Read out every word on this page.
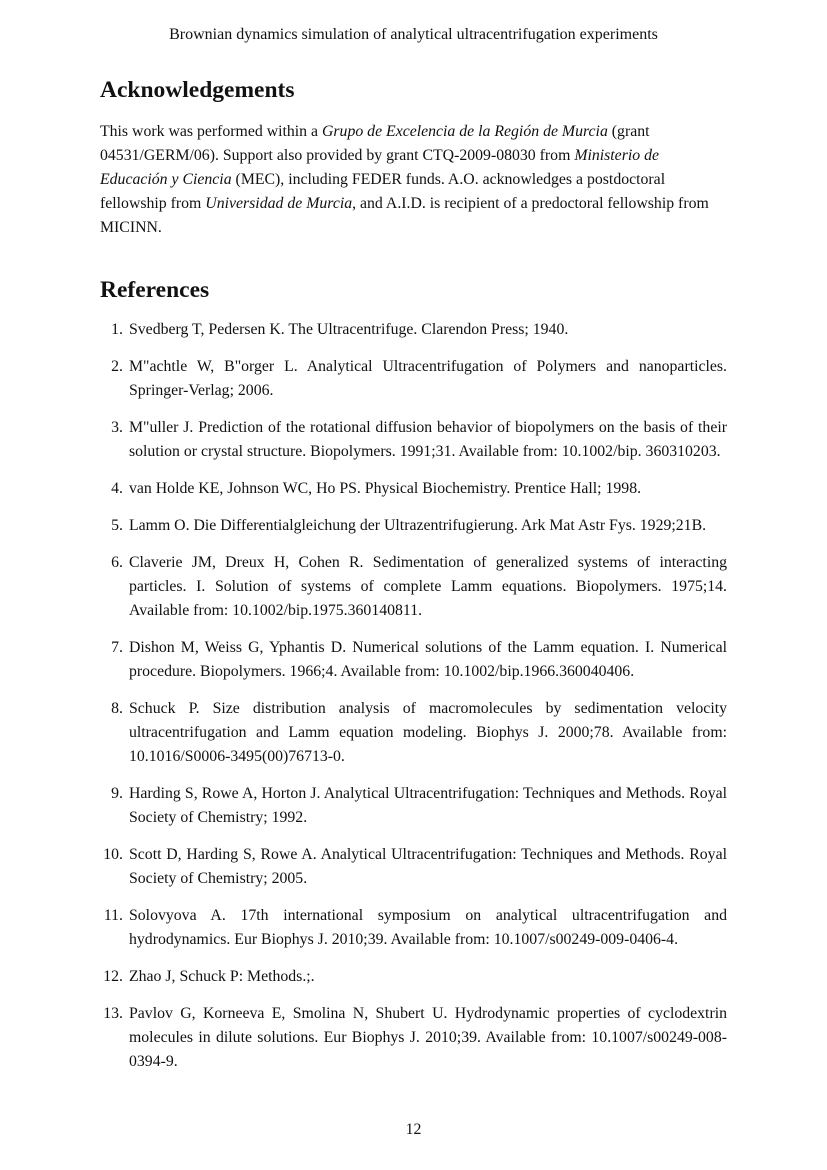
Brownian dynamics simulation of analytical ultracentrifugation experiments
Acknowledgements

This work was performed within a Grupo de Excelencia de la Región de Murcia (grant 04531/GERM/06). Support also provided by grant CTQ-2009-08030 from Ministerio de Educación y Ciencia (MEC), including FEDER funds. A.O. acknowledges a postdoctoral fellowship from Universidad de Murcia, and A.I.D. is recipient of a predoctoral fellowship from MICINN.

References
1. Svedberg T, Pedersen K. The Ultracentrifuge. Clarendon Press; 1940.
2. M"achtle W, B"orger L. Analytical Ultracentrifugation of Polymers and nanoparticles. Springer-Verlag; 2006.
3. M"uller J. Prediction of the rotational diffusion behavior of biopolymers on the basis of their solution or crystal structure. Biopolymers. 1991;31. Available from: 10.1002/bip. 360310203.
4. van Holde KE, Johnson WC, Ho PS. Physical Biochemistry. Prentice Hall; 1998.
5. Lamm O. Die Differentialgleichung der Ultrazentrifugierung. Ark Mat Astr Fys. 1929;21B.
6. Claverie JM, Dreux H, Cohen R. Sedimentation of generalized systems of interacting particles. I. Solution of systems of complete Lamm equations. Biopolymers. 1975;14. Available from: 10.1002/bip.1975.360140811.
7. Dishon M, Weiss G, Yphantis D. Numerical solutions of the Lamm equation. I. Numerical procedure. Biopolymers. 1966;4. Available from: 10.1002/bip.1966.360040406.
8. Schuck P. Size distribution analysis of macromolecules by sedimentation velocity ultracentrifugation and Lamm equation modeling. Biophys J. 2000;78. Available from: 10.1016/S0006-3495(00)76713-0.
9. Harding S, Rowe A, Horton J. Analytical Ultracentrifugation: Techniques and Methods. Royal Society of Chemistry; 1992.
10. Scott D, Harding S, Rowe A. Analytical Ultracentrifugation: Techniques and Methods. Royal Society of Chemistry; 2005.
11. Solovyova A. 17th international symposium on analytical ultracentrifugation and hydrodynamics. Eur Biophys J. 2010;39. Available from: 10.1007/s00249-009-0406-4.
12. Zhao J, Schuck P: Methods.;.
13. Pavlov G, Korneeva E, Smolina N, Shubert U. Hydrodynamic properties of cyclodextrin molecules in dilute solutions. Eur Biophys J. 2010;39. Available from: 10.1007/s00249-008-0394-9.
12
